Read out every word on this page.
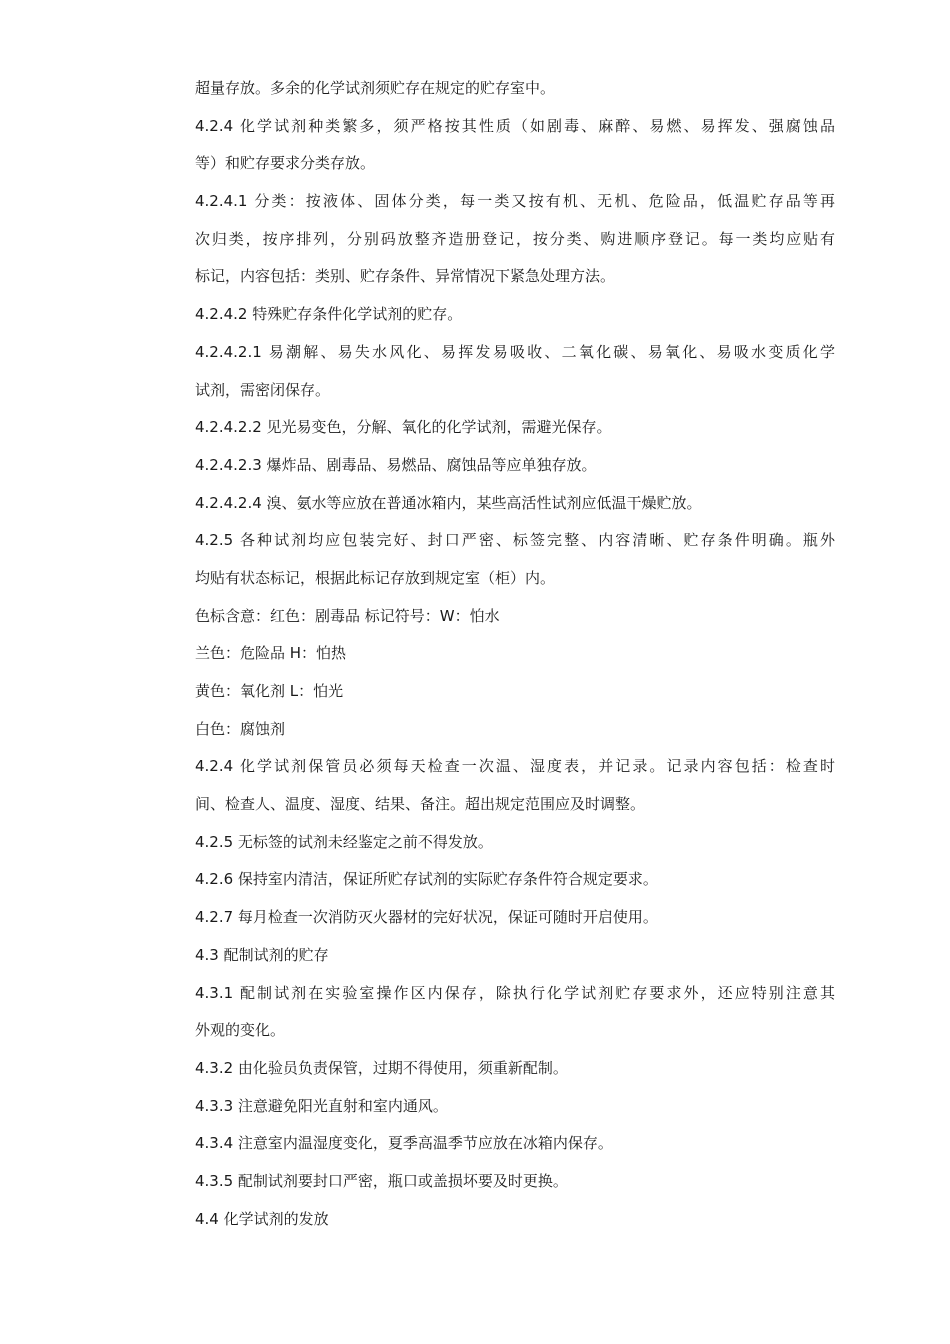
超量存放。多余的化学试剂须贮存在规定的贮存室中。
4.2.4 化学试剂种类繁多，须严格按其性质（如剧毒、麻醉、易燃、易挥发、强腐蚀品
等）和贮存要求分类存放。
4.2.4.1 分类：按液体、固体分类，每一类又按有机、无机、危险品，低温贮存品等再
次归类，按序排列，分别码放整齐造册登记，按分类、购进顺序登记。每一类均应贴有
标记，内容包括：类别、贮存条件、异常情况下紧急处理方法。
4.2.4.2 特殊贮存条件化学试剂的贮存。
4.2.4.2.1 易潮解、易失水风化、易挥发易吸收、二氧化碳、易氧化、易吸水变质化学
试剂，需密闭保存。
4.2.4.2.2 见光易变色，分解、氧化的化学试剂，需避光保存。
4.2.4.2.3 爆炸品、剧毒品、易燃品、腐蚀品等应单独存放。
4.2.4.2.4 溴、氨水等应放在普通冰箱内，某些高活性试剂应低温干燥贮放。
4.2.5 各种试剂均应包装完好、封口严密、标签完整、内容清晰、贮存条件明确。瓶外
均贴有状态标记，根据此标记存放到规定室（柜）内。
色标含意：红色：剧毒品 标记符号：W：怕水
兰色：危险品 H：怕热
黄色：氧化剂 L：怕光
白色：腐蚀剂
4.2.4 化学试剂保管员必须每天检查一次温、湿度表，并记录。记录内容包括：检查时
间、检查人、温度、湿度、结果、备注。超出规定范围应及时调整。
4.2.5 无标签的试剂未经鉴定之前不得发放。
4.2.6 保持室内清洁，保证所贮存试剂的实际贮存条件符合规定要求。
4.2.7 每月检查一次消防灭火器材的完好状况，保证可随时开启使用。
4.3 配制试剂的贮存
4.3.1 配制试剂在实验室操作区内保存，除执行化学试剂贮存要求外，还应特别注意其
外观的变化。
4.3.2 由化验员负责保管，过期不得使用，须重新配制。
4.3.3 注意避免阳光直射和室内通风。
4.3.4 注意室内温湿度变化，夏季高温季节应放在冰箱内保存。
4.3.5 配制试剂要封口严密，瓶口或盖损坏要及时更换。
4.4 化学试剂的发放
